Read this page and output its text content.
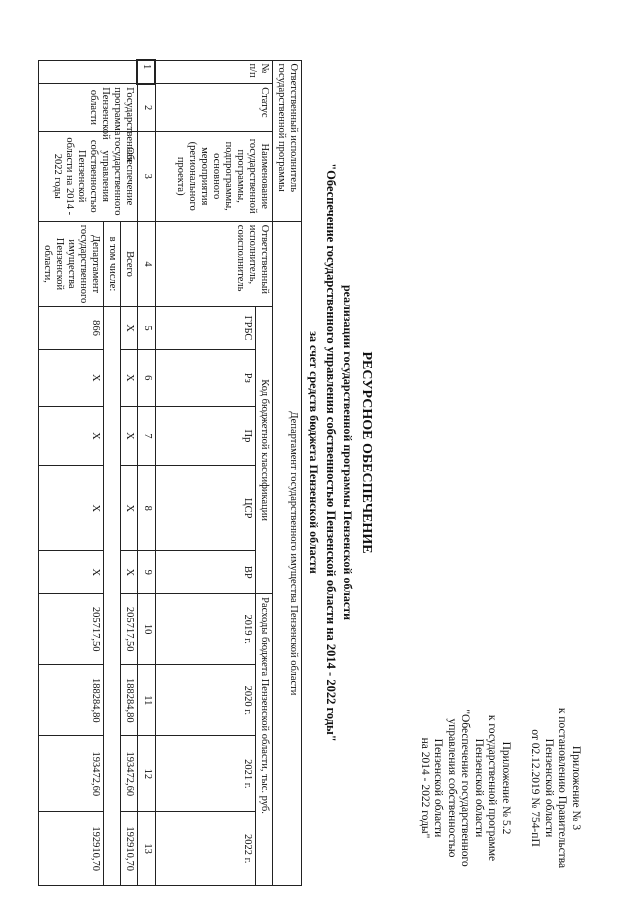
Приложение № 3
к постановлению Правительства
Пензенской области
от 02.12.2019 № 754-пП
Приложение № 5.2
к государственной программе
Пензенской области
"Обеспечение государственного
управления собственностью
Пензенской области
на 2014 - 2022 годы"
РЕСУРСНОЕ ОБЕСПЕЧЕНИЕ
реализации государственной программы Пензенской области
"Обеспечение государственного управления собственностью Пензенской области на 2014 - 2022 годы"
за счет средств бюджета Пензенской области
Ответственный исполнитель государственной программы			Департамент государственного имущества Пензенской области									
№ п/п	Статус	Наименование государственной программы, подпрограммы, основного мероприятия (регионального проекта)	Ответственный исполнитель, соисполнитель	Код бюджетной классификации					Расходы бюджета Пензенской области, тыс. руб.			
				ГРБС	Рз	Пр	ЦСР	ВР	2019 г.	2020 г.	2021 г.	2022 г.
1	2	3	4	5	6	7	8	9	10	11	12	13
	Государственная программа Пензенской области	Обеспечение государственного управления собственностью Пензенской области на 2014 - 2022 годы	Всего	Х	Х	Х	Х	Х	205717,50	188284,80	193472,60	192910,70
			в том числе:									
			Департамент государственного имущества Пензенской области,	866	Х	Х	Х	Х	205717,50	188284,80	193472,60	192910,70
